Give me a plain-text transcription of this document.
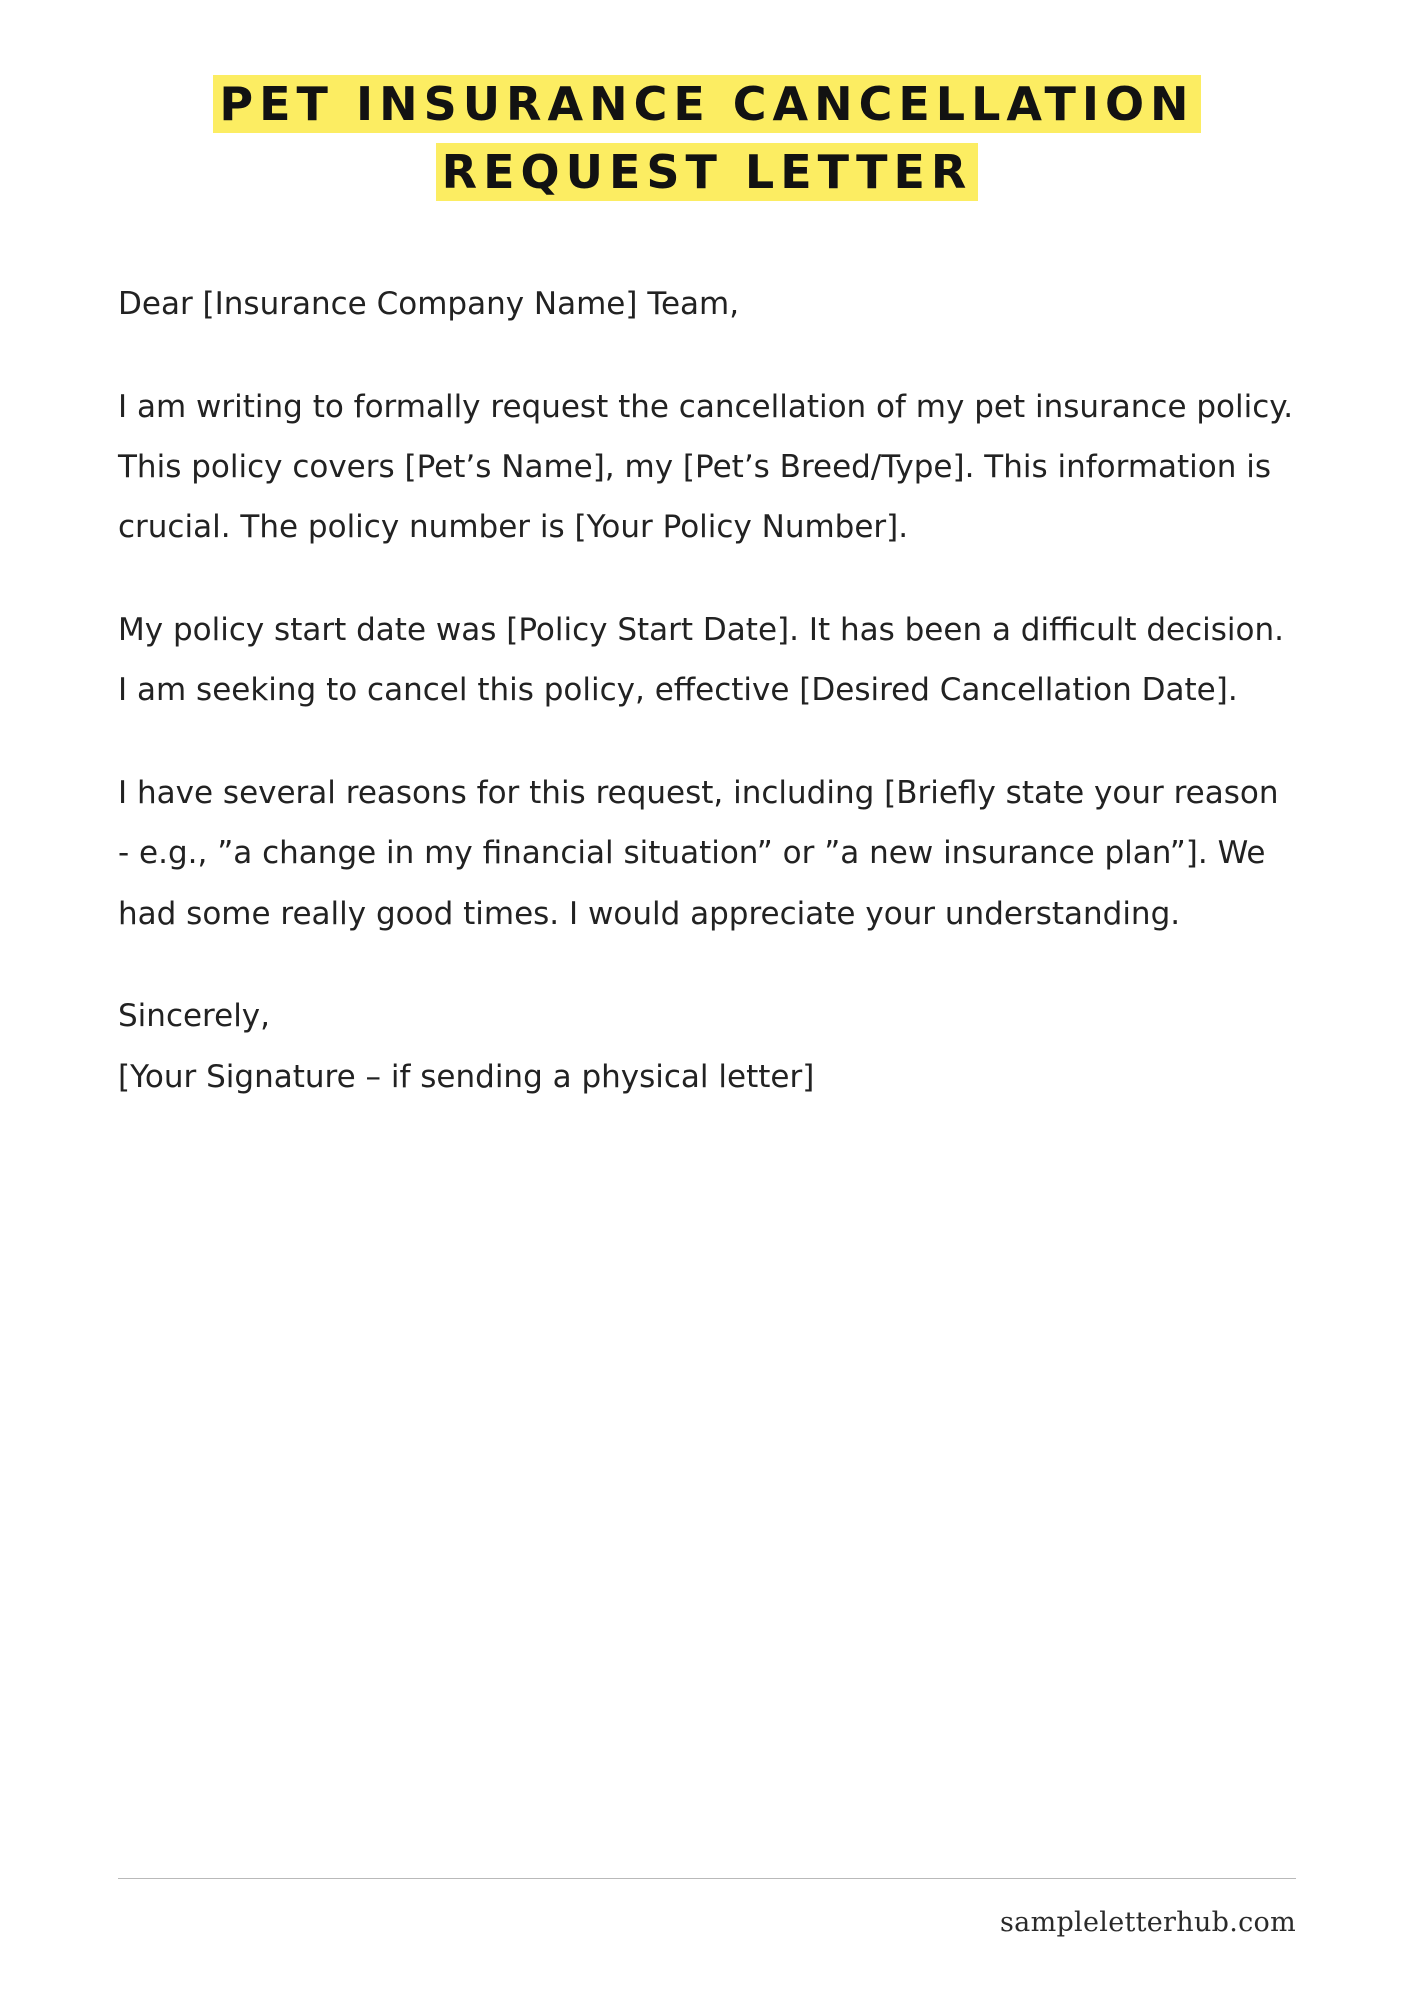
PET INSURANCE CANCELLATION
REQUEST LETTER

Dear [Insurance Company Name] Team,

I am writing to formally request the cancellation of my pet insurance policy. This policy covers [Pet’s Name], my [Pet’s Breed/Type]. This information is crucial. The policy number is [Your Policy Number].

My policy start date was [Policy Start Date]. It has been a difficult decision. I am seeking to cancel this policy, effective [Desired Cancellation Date].

I have several reasons for this request, including [Briefly state your reason - e.g., ”a change in my financial situation” or ”a new insurance plan”]. We had some really good times. I would appreciate your understanding.

Sincerely,

[Your Signature – if sending a physical letter]

sampleletterhub.com
